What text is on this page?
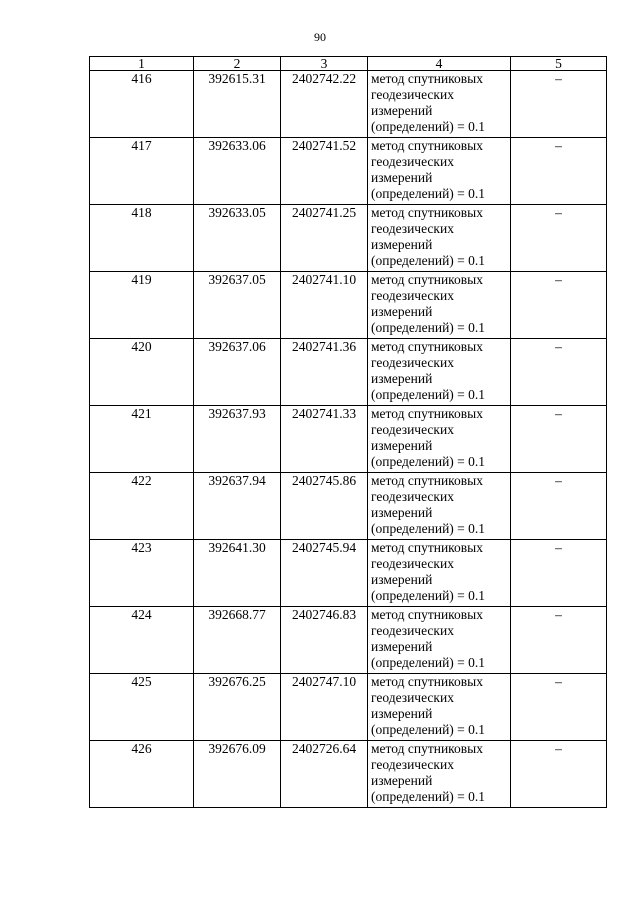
90
1	2	3	4	5
416	392615.31	2402742.22	метод спутниковых геодезических измерений (определений) = 0.1	–
417	392633.06	2402741.52	метод спутниковых геодезических измерений (определений) = 0.1	–
418	392633.05	2402741.25	метод спутниковых геодезических измерений (определений) = 0.1	–
419	392637.05	2402741.10	метод спутниковых геодезических измерений (определений) = 0.1	–
420	392637.06	2402741.36	метод спутниковых геодезических измерений (определений) = 0.1	–
421	392637.93	2402741.33	метод спутниковых геодезических измерений (определений) = 0.1	–
422	392637.94	2402745.86	метод спутниковых геодезических измерений (определений) = 0.1	–
423	392641.30	2402745.94	метод спутниковых геодезических измерений (определений) = 0.1	–
424	392668.77	2402746.83	метод спутниковых геодезических измерений (определений) = 0.1	–
425	392676.25	2402747.10	метод спутниковых геодезических измерений (определений) = 0.1	–
426	392676.09	2402726.64	метод спутниковых геодезических измерений (определений) = 0.1	–
